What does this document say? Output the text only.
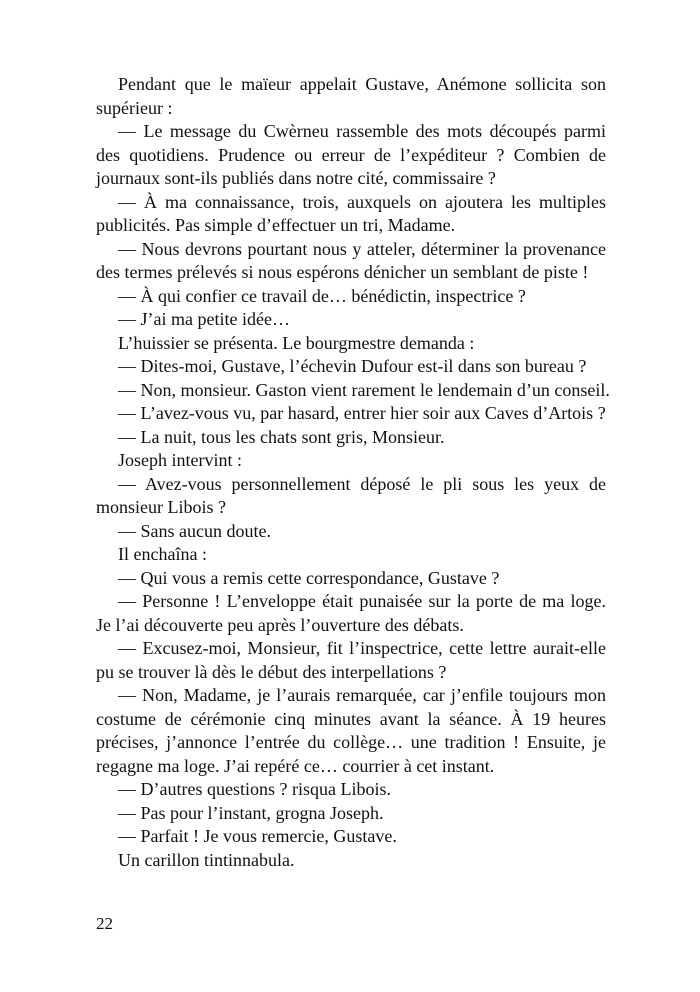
Pendant que le maïeur appelait Gustave, Anémone sollicita son
supérieur :
— Le message du Cwèrneu rassemble des mots découpés parmi
des quotidiens. Prudence ou erreur de l’expéditeur ? Combien de
journaux sont-ils publiés dans notre cité, commissaire ?
— À ma connaissance, trois, auxquels on ajoutera les multiples
publicités. Pas simple d’effectuer un tri, Madame.
— Nous devrons pourtant nous y atteler, déterminer la provenance
des termes prélevés si nous espérons dénicher un semblant de piste !
— À qui confier ce travail de… bénédictin, inspectrice ?
— J’ai ma petite idée…
L’huissier se présenta. Le bourgmestre demanda :
— Dites-moi, Gustave, l’échevin Dufour est-il dans son bureau ?
— Non, monsieur. Gaston vient rarement le lendemain d’un conseil.
— L’avez-vous vu, par hasard, entrer hier soir aux Caves d’Artois ?
— La nuit, tous les chats sont gris, Monsieur.
Joseph intervint :
— Avez-vous personnellement déposé le pli sous les yeux de
monsieur Libois ?
— Sans aucun doute.
Il enchaîna :
— Qui vous a remis cette correspondance, Gustave ?
— Personne ! L’enveloppe était punaisée sur la porte de ma loge.
Je l’ai découverte peu après l’ouverture des débats.
— Excusez-moi, Monsieur, fit l’inspectrice, cette lettre aurait-elle
pu se trouver là dès le début des interpellations ?
— Non, Madame, je l’aurais remarquée, car j’enfile toujours mon
costume de cérémonie cinq minutes avant la séance. À 19 heures
précises, j’annonce l’entrée du collège… une tradition ! Ensuite, je
regagne ma loge. J’ai repéré ce… courrier à cet instant.
— D’autres questions ? risqua Libois.
— Pas pour l’instant, grogna Joseph.
— Parfait ! Je vous remercie, Gustave.
Un carillon tintinnabula.
22
